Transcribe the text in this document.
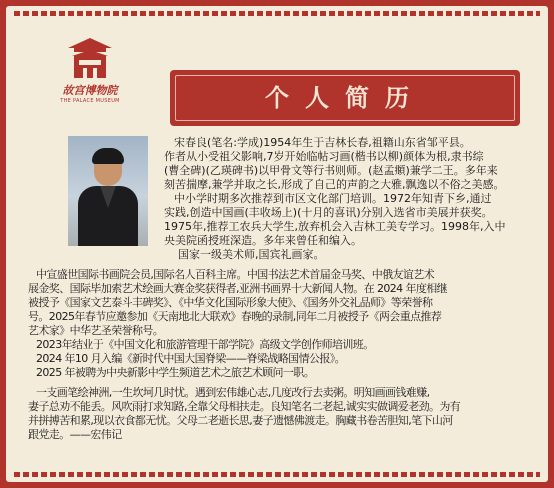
故宫博物院
THE PALACE MUSEUM	个人简历
宋春良(笔名:学成)1954年生于吉林长春,祖籍山东省邹平县。
作者从小受祖父影响,7岁开始临帖习画(楷书以柳)颜体为根,隶书综
(曹全碑)(乙瑛碑书)以甲骨文等行书则师。(赵孟頫)兼学二王。多年来
刻苦揣摩,兼学并取之长,形成了自己的声韵之大雅,飘逸以不俗之美感。
中小学时期多次推荐到市区文化部门培训。1972年知青下乡,通过
实践,创造中国画(丰收场上)(十月的喜讯)分别入选省市美展并获奖。
1975年,推荐工农兵大学生,放弃机会入吉林工美专学习。1998年,入中
央美院函授班深造。多年来曾任和编入。
国家一级美术师,国宾礼画家。
中宣盛世国际书画院会员,国际名人百科主席。中国书法艺术首届金马奖、中俄友谊艺术
展金奖、国际毕加索艺术绘画大赛金奖获得者,亚洲书画界十大新闻人物。在 2024 年度相继
被授予《国家文艺泰斗丰碑奖》、《中华文化国际形象大使》、《国务外交礼品师》等荣誉称
号。2025年春节应邀参加《天南地北大联欢》春晚的录制,同年二月被授予《两会重点推荐
艺术家》中华艺圣荣誉称号。
2023年结业于《中国文化和旅游管理干部学院》高级文学创作师培训班。
2024 年10 月入编《新时代中国大国脊梁——脊梁战略国情公报》。
2025 年被聘为中央新影中学生频道艺术之旅艺术顾问一职。
一支画笔绘神洲,一生坎坷几时忧。遇到宏伟雄心志,几度改行去卖粥。明知画画钱难赚,
妻子总劝不能丢。风吹雨打求知路,全靠父母相扶走。良知笔名二老起,诚实实做调爱老劲。为有
并拼搏苦和累,现以衣食都无忧。父母二老逝长思,妻子遗憾佛渡走。胸藏书卷苦胆知,笔下山河
跟党走。——宏伟记
